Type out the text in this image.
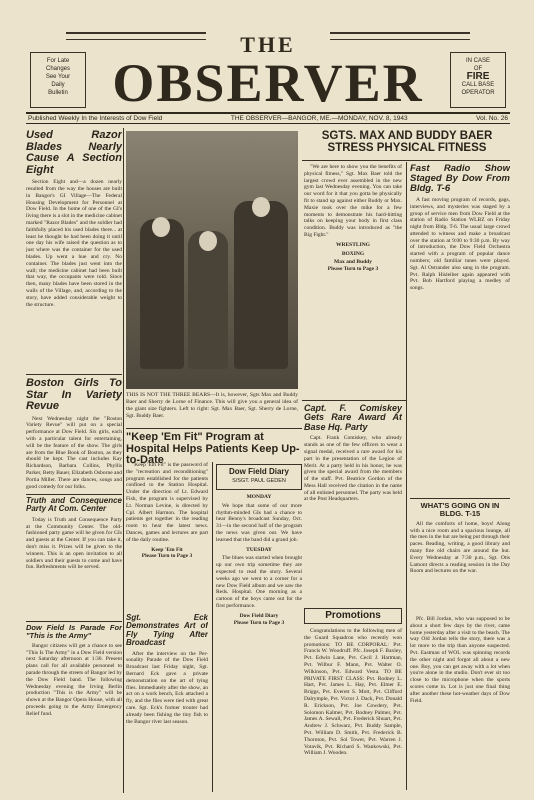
THE
OBSERVER
For Late
Changes
See Your
Daily
Bulletin
IN CASE
OF
FIRE
CALL BASE
OPERATOR
Published Weekly In the Interests of Dow Field	THE OBSERVER—BANGOR, ME.—MONDAY, NOV. 8, 1943	Vol. No. 26
Used Razor Blades Nearly Cause A Section Eight

Section Eight and—a dozen nearly resulted from the way the houses are built in Bangor's GI Village—The Federal Housing Development for Personnel at Dow Field. In the home of one of the GI's living there is a slot in the medicine cabinet marked "Razor Blades" and the soldier had faithfully placed his used blades there... at least he thought he had been doing it until one day his wife raised the question as to just where was the container for the used blades. Up went a hue and cry. No container. The blades just went into the wall; the medicine cabinet had been built that way, the occupants were told. Since then, many blades have been stored in the walls of the Village, and, according to the story, have added considerable weight to the structure.

Boston Girls To Star In Variety Revue

Next Wednesday night the "Boston Variety Revue" will put on a special performance at Dow Field. Six girls, each with a particular talent for entertaining, will be the feature of the show. The girls are from the Blue Book of Boston, as they should be kept. The cast includes Kay Richardson, Barbara Collins, Phyllis Parker, Betty Bauer, Elizabeth Osborne and Portia Miller. There are dances, songs and good comedy for our folks.

Truth and Consequence Party At Com. Center

Today is Truth and Consequence Party at the Community Center. The old-fashioned party game will be given for GIs and guests at the Center. If you can take it, don't miss it. Prizes will be given to the winners. This is an open invitation to all soldiers and their guests to come and have fun. Refreshments will be served.

Dow Field Is Parade For "This is the Army"

Bangor citizens will get a chance to see "This Is The Army" in a Dow Field version next Saturday afternoon at 1:30. Present plans call for all available personnel to parade through the streets of Bangor led by the Dow Field band. The following Wednesday evening the Irving Berlin production "This is the Army" will be shown at the Bangor Opera House, with all proceeds going to the Army Emergency Relief fund.

THIS IS NOT THE THREE BEARS—It is, however, Sgts Max and Buddy Baer and Sherry de Lorne of Finance. This will give you a general idea of the giant size fighters. Left to right: Sgt. Max Baer, Sgt. Sherry de Lorne, Sgt. Buddy Baer.
SGTS. MAX AND BUDDY BAER STRESS PHYSICAL FITNESS

"We are here to show you the benefits of physical fitness," Sgt. Max Baer told the largest crowd ever assembled in the new gym last Wednesday evening. You can take our word for it that you gotta be physically fit to stand up against either Buddy or Max. Maxie took over the mike for a few moments to demonstrate his hard-hitting talks on keeping your body in first class condition. Buddy was introduced as "the Big Fight."

WRESTLING
BOXING
Max and Buddy
Please Turn to Page 3
Fast Radio Show Staged By Dow From Bldg. T-6

A fast moving program of records, gags, interviews, and mysteries was staged by a group of service men from Dow Field at the station of Radio Station WLBZ on Friday night from Bldg. T-6. The usual large crowd attended to witness and make a broadcast over the station at 9:00 to 9:30 p.m. By way of introduction, the Dow Field Orchestra started with a program of popular dance numbers; old familiar tunes were played. Sgt. Al Ostrander also sang in the program. Pvt. Ralph Hisleiber again appeared with Pvt. Bob Hartford playing a medley of songs.

WHAT'S GOING ON IN BLDG. T-15

All the comforts of home, boys! Along with a nice room and a spacious lounge, all the men in the hut are being put through their paces. Reading, writing, a good library and many fine old chairs are around the hut. Every Wednesday at 7:30 p.m., Sgt. Otis Lamont directs a reading session in the Day Room and lectures on the war.

Pfc. Bill Jordan, who was supposed to be about a short few days by the river, came home yesterday after a visit to the beach. The way Old Jordan tells the story, there was a lot more to the trip than anyone suspected. Pvt. Eastman of WOL was spinning records the other night and forgot all about a new one. Boy, you can get away with a lot when you're alone in the studio. Don't ever sit too close to the microphone when the sports scores come in. Lot is just one final thing after another these hot-weather days of Dow Field.

Capt. F. Comiskey Gets Rare Award At Base Hq. Party

Capt. Frank Comiskey, who already stands as one of the few officers to wear a signal medal, received a rare award for his part in the presentation of the Legion of Merit. At a party held in his honor, he was given the special award from the members of the staff. Pvt. Beatrice Gordon of the Mess Hall received the citation in the name of all enlisted personnel. The party was held at the Post Headquarters.

Promotions

Congratulations to the following men of the Guard Squadron who recently won promotions: TO BE CORPORAL: Pvt. Francis W. Woodruff. Pfc. Joseph F. Baxley, Pvt. Edwin Lane, Pvt. Cecil J. Hartman, Pvt. Wilbur F. Mann, Pvt. Walter O. Wilkinson, Pvt. Edward Vesta. TO BE PRIVATE FIRST CLASS: Pvt. Rodney L. Hart, Pvt. James L. Hay, Pvt. Elmer E. Briggs, Pvt. Everett S. Mott, Pvt. Clifford Dalrymple, Pvt. Victor J. Dack, Pvt. Donald R. Erickson, Pvt. Joe Cowdery, Pvt. Solomon Kalmer, Pvt. Rodney Palmer, Pvt. James A. Sewall, Pvt. Frederick Shuart, Pvt. Andrew J. Schwarz, Pvt. Buddy Sample, Pvt. William D. Smith, Pvt. Frederick B. Thornton, Pvt. Sol Tower, Pvt. Warren J. Votavik, Pvt. Richard S. Wankowski, Pvt. William J. Wooden.

"Keep 'Em Fit" Program at Hospital Helps Patients Keep Up-to-Date

"Keep 'Em Fit" is the password of the "recreation and reconditioning" program established for the patients confined to the Station Hospital. Under the direction of Lt. Edward Fish, the program is supervised by Lt. Norman Levine, is directed by Cpl. Albert Harmon. The hospital patients get together in the reading room to hear the latest news. Dances, games and lectures are part of the daily routine.

Keep 'Em Fit
Please Turn to Page 3
Dow Field Diary
S/SGT. PAUL GEDEN
MONDAY

We hope that some of our more rhythm-minded GIs had a chance to hear Benny's broadcast Sunday, Oct. 31—in the second half of the program the news was given out. We have learned that the band did a grand job.

TUESDAY

The blues was started when brought up our own trip sometime they are expected to read the story. Several weeks ago we went to a corner for a new Dow Field album and we saw the Reds. Hospital. One morning as a cartoon of the boys came out for the first performance.

Dow Field Diary
Please Turn to Page 3
Sgt. Eck Demonstrates Art of Fly Tying After Broadcast

After the interview on the Per-sonality Parade of the Dow Field Broadcast last Friday night, Sgt. Bernard Eck gave a private demonstration on the art of tying flies. Immediately after the show, an act on a work bench, Eck attached a fly, and the flies were tied with great care. Sgt. Eck's former trouter had already been fishing the tiny fish to the Bangor river last season.
